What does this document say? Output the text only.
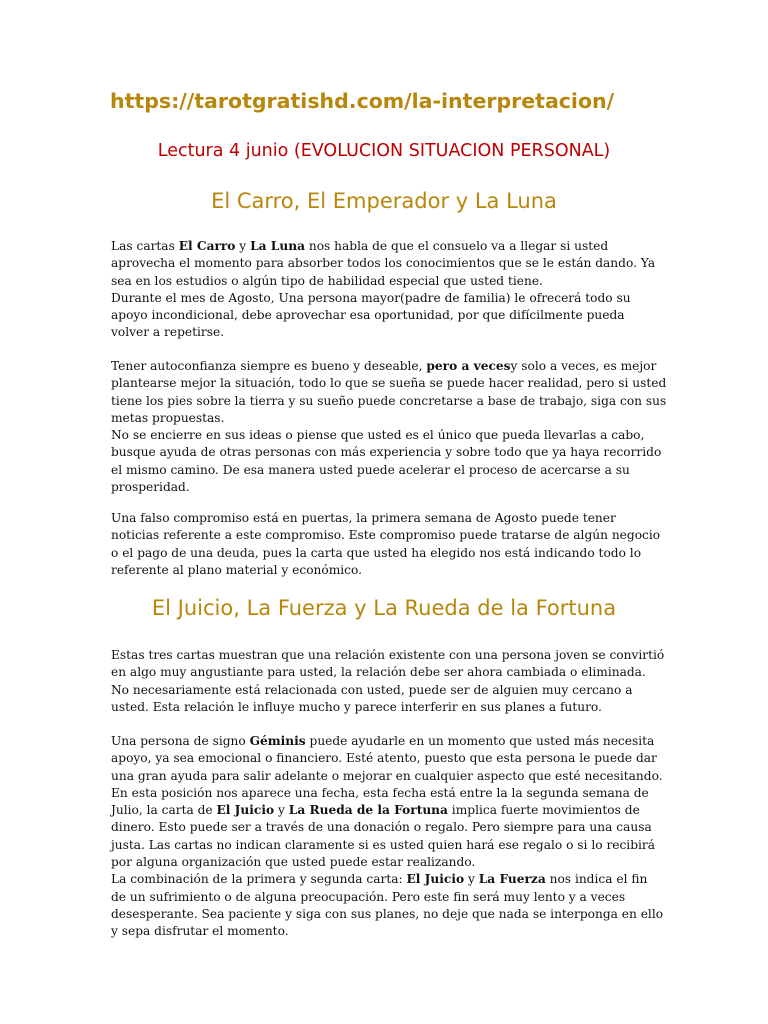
https://tarotgratishd.com/la-interpretacion/
Lectura 4 junio (EVOLUCION SITUACION PERSONAL)
El Carro, El Emperador y La Luna
Las cartas El Carro y La Luna nos habla de que el consuelo va a llegar si usted
aprovecha el momento para absorber todos los conocimientos que se le están dando. Ya
sea en los estudios o algún tipo de habilidad especial que usted tiene.
Durante el mes de Agosto, Una persona mayor(padre de familia) le ofrecerá todo su
apoyo incondicional, debe aprovechar esa oportunidad, por que difícilmente pueda
volver a repetirse.
Tener autoconfianza siempre es bueno y deseable, pero a vecesy solo a veces, es mejor
plantearse mejor la situación, todo lo que se sueña se puede hacer realidad, pero si usted
tiene los pies sobre la tierra y su sueño puede concretarse a base de trabajo, siga con sus
metas propuestas.
No se encierre en sus ideas o piense que usted es el único que pueda llevarlas a cabo,
busque ayuda de otras personas con más experiencia y sobre todo que ya haya recorrido
el mismo camino. De esa manera usted puede acelerar el proceso de acercarse a su
prosperidad.
Una falso compromiso está en puertas, la primera semana de Agosto puede tener
noticias referente a este compromiso. Este compromiso puede tratarse de algún negocio
o el pago de una deuda, pues la carta que usted ha elegido nos está indicando todo lo
referente al plano material y económico.
El Juicio, La Fuerza y La Rueda de la Fortuna
Estas tres cartas muestran que una relación existente con una persona joven se convirtió
en algo muy angustiante para usted, la relación debe ser ahora cambiada o eliminada.
No necesariamente está relacionada con usted, puede ser de alguien muy cercano a
usted. Esta relación le influye mucho y parece interferir en sus planes a futuro.
Una persona de signo Géminis puede ayudarle en un momento que usted más necesita
apoyo, ya sea emocional o financiero. Esté atento, puesto que esta persona le puede dar
una gran ayuda para salir adelante o mejorar en cualquier aspecto que esté necesitando.
En esta posición nos aparece una fecha, esta fecha está entre la la segunda semana de
Julio, la carta de El Juicio y La Rueda de la Fortuna implica fuerte movimientos de
dinero. Esto puede ser a través de una donación o regalo. Pero siempre para una causa
justa. Las cartas no indican claramente si es usted quien hará ese regalo o si lo recibirá
por alguna organización que usted puede estar realizando.
La combinación de la primera y segunda carta: El Juicio y La Fuerza nos indica el fin
de un sufrimiento o de alguna preocupación. Pero este fin será muy lento y a veces
desesperante. Sea paciente y siga con sus planes, no deje que nada se interponga en ello
y sepa disfrutar el momento.
